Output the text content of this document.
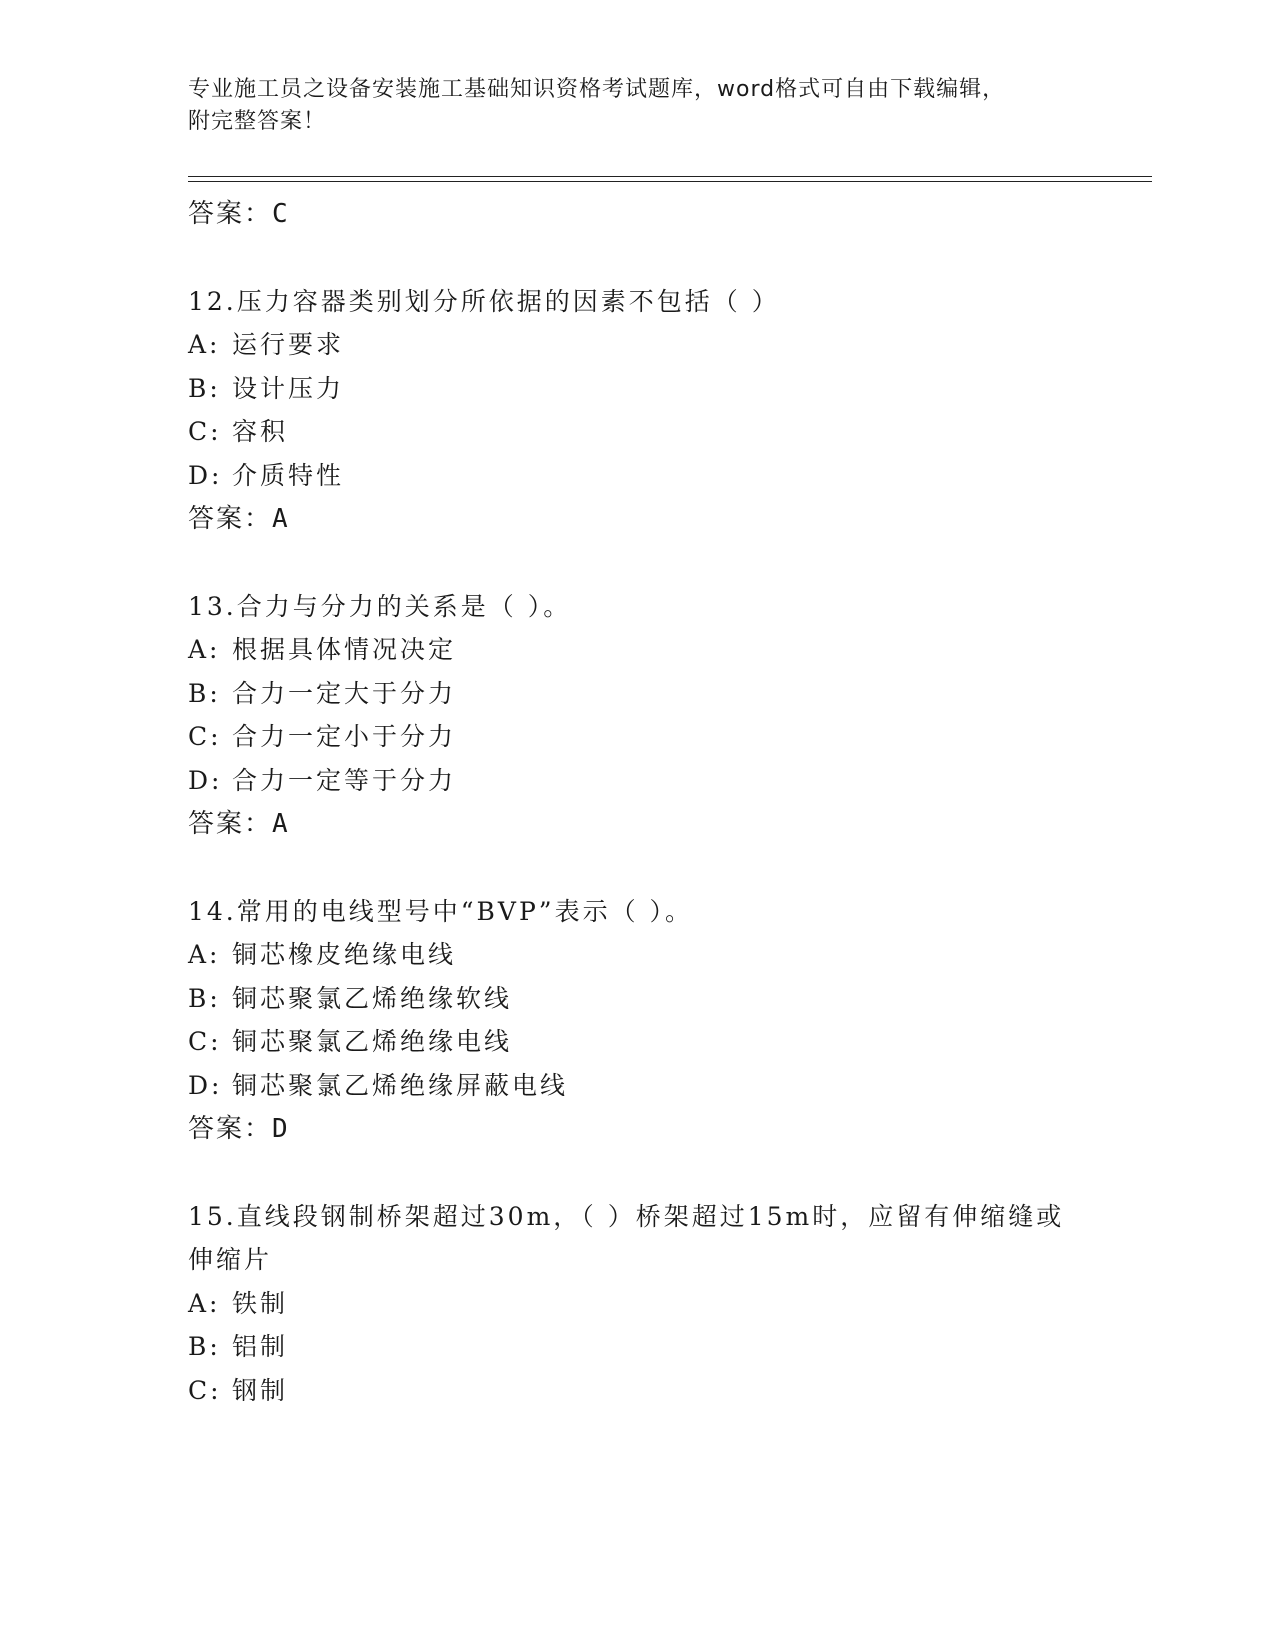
专业施工员之设备安装施工基础知识资格考试题库，word格式可自由下载编辑，
附完整答案！
答案：C
12.压力容器类别划分所依据的因素不包括（ ）
A: 运行要求
B: 设计压力
C: 容积
D: 介质特性
答案：A
13.合力与分力的关系是（ ）。
A: 根据具体情况决定
B: 合力一定大于分力
C: 合力一定小于分力
D: 合力一定等于分力
答案：A
14.常用的电线型号中“BVP”表示（ ）。
A: 铜芯橡皮绝缘电线
B: 铜芯聚氯乙烯绝缘软线
C: 铜芯聚氯乙烯绝缘电线
D: 铜芯聚氯乙烯绝缘屏蔽电线
答案：D
15.直线段钢制桥架超过30m，（ ）桥架超过15m时，应留有伸缩缝或
伸缩片
A: 铁制
B: 铝制
C: 钢制
